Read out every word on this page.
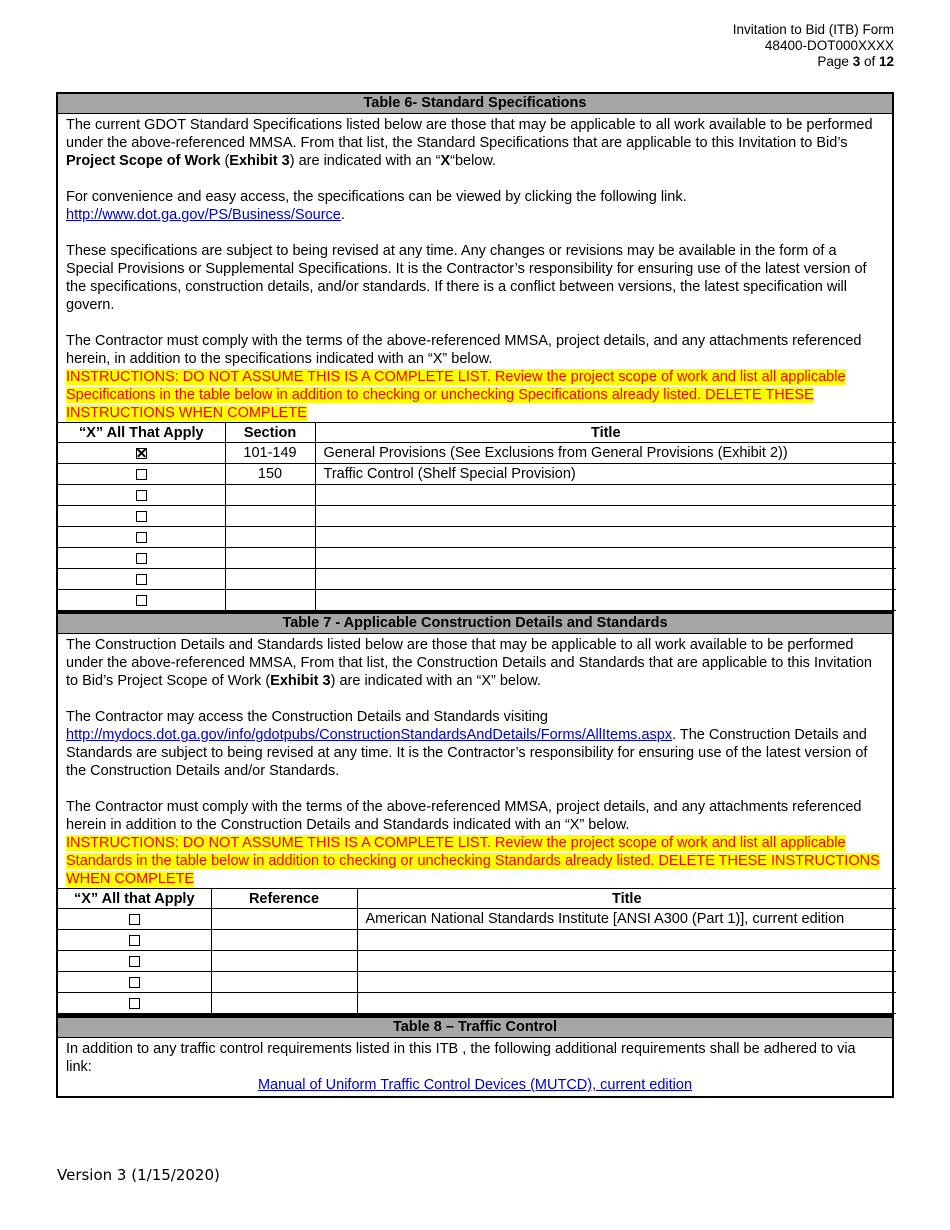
Invitation to Bid (ITB) Form
48400-DOT000XXXX
Page 3 of 12
Table 6- Standard Specifications

The current GDOT Standard Specifications listed below are those that may be applicable to all work available to be performed under the above-referenced MMSA. From that list, the Standard Specifications that are applicable to this Invitation to Bid’s Project Scope of Work (Exhibit 3) are indicated with an “X“below.

For convenience and easy access, the specifications can be viewed by clicking the following link.
http://www.dot.ga.gov/PS/Business/Source.

These specifications are subject to being revised at any time. Any changes or revisions may be available in the form of a Special Provisions or Supplemental Specifications. It is the Contractor’s responsibility for ensuring use of the latest version of the specifications, construction details, and/or standards. If there is a conflict between versions, the latest specification will govern.

The Contractor must comply with the terms of the above-referenced MMSA, project details, and any attachments referenced herein, in addition to the specifications indicated with an “X” below.

INSTRUCTIONS: DO NOT ASSUME THIS IS A COMPLETE LIST. Review the project scope of work and list all applicable Specifications in the table below in addition to checking or unchecking Specifications already listed. DELETE THESE INSTRUCTIONS WHEN COMPLETE

“X” All That Apply	Section	Title
	101-149	General Provisions (See Exclusions from General Provisions (Exhibit 2))
	150	Traffic Control (Shelf Special Provision)

Table 7 - Applicable Construction Details and Standards

The Construction Details and Standards listed below are those that may be applicable to all work available to be performed under the above-referenced MMSA, From that list, the Construction Details and Standards that are applicable to this Invitation to Bid’s Project Scope of Work (Exhibit 3) are indicated with an “X” below.

The Contractor may access the Construction Details and Standards visiting http://mydocs.dot.ga.gov/info/gdotpubs/ConstructionStandardsAndDetails/Forms/AllItems.aspx. The Construction Details and Standards are subject to being revised at any time. It is the Contractor’s responsibility for ensuring use of the latest version of the Construction Details and/or Standards.

The Contractor must comply with the terms of the above-referenced MMSA, project details, and any attachments referenced herein in addition to the Construction Details and Standards indicated with an “X” below.

INSTRUCTIONS: DO NOT ASSUME THIS IS A COMPLETE LIST. Review the project scope of work and list all applicable Standards in the table below in addition to checking or unchecking Standards already listed. DELETE THESE INSTRUCTIONS WHEN COMPLETE

“X” All that Apply	Reference	Title
		American National Standards Institute [ANSI A300 (Part 1)], current edition

Table 8 – Traffic Control
In addition to any traffic control requirements listed in this ITB , the following additional requirements shall be adhered to via link:
Manual of Uniform Traffic Control Devices (MUTCD), current edition
Version 3 (1/15/2020)
